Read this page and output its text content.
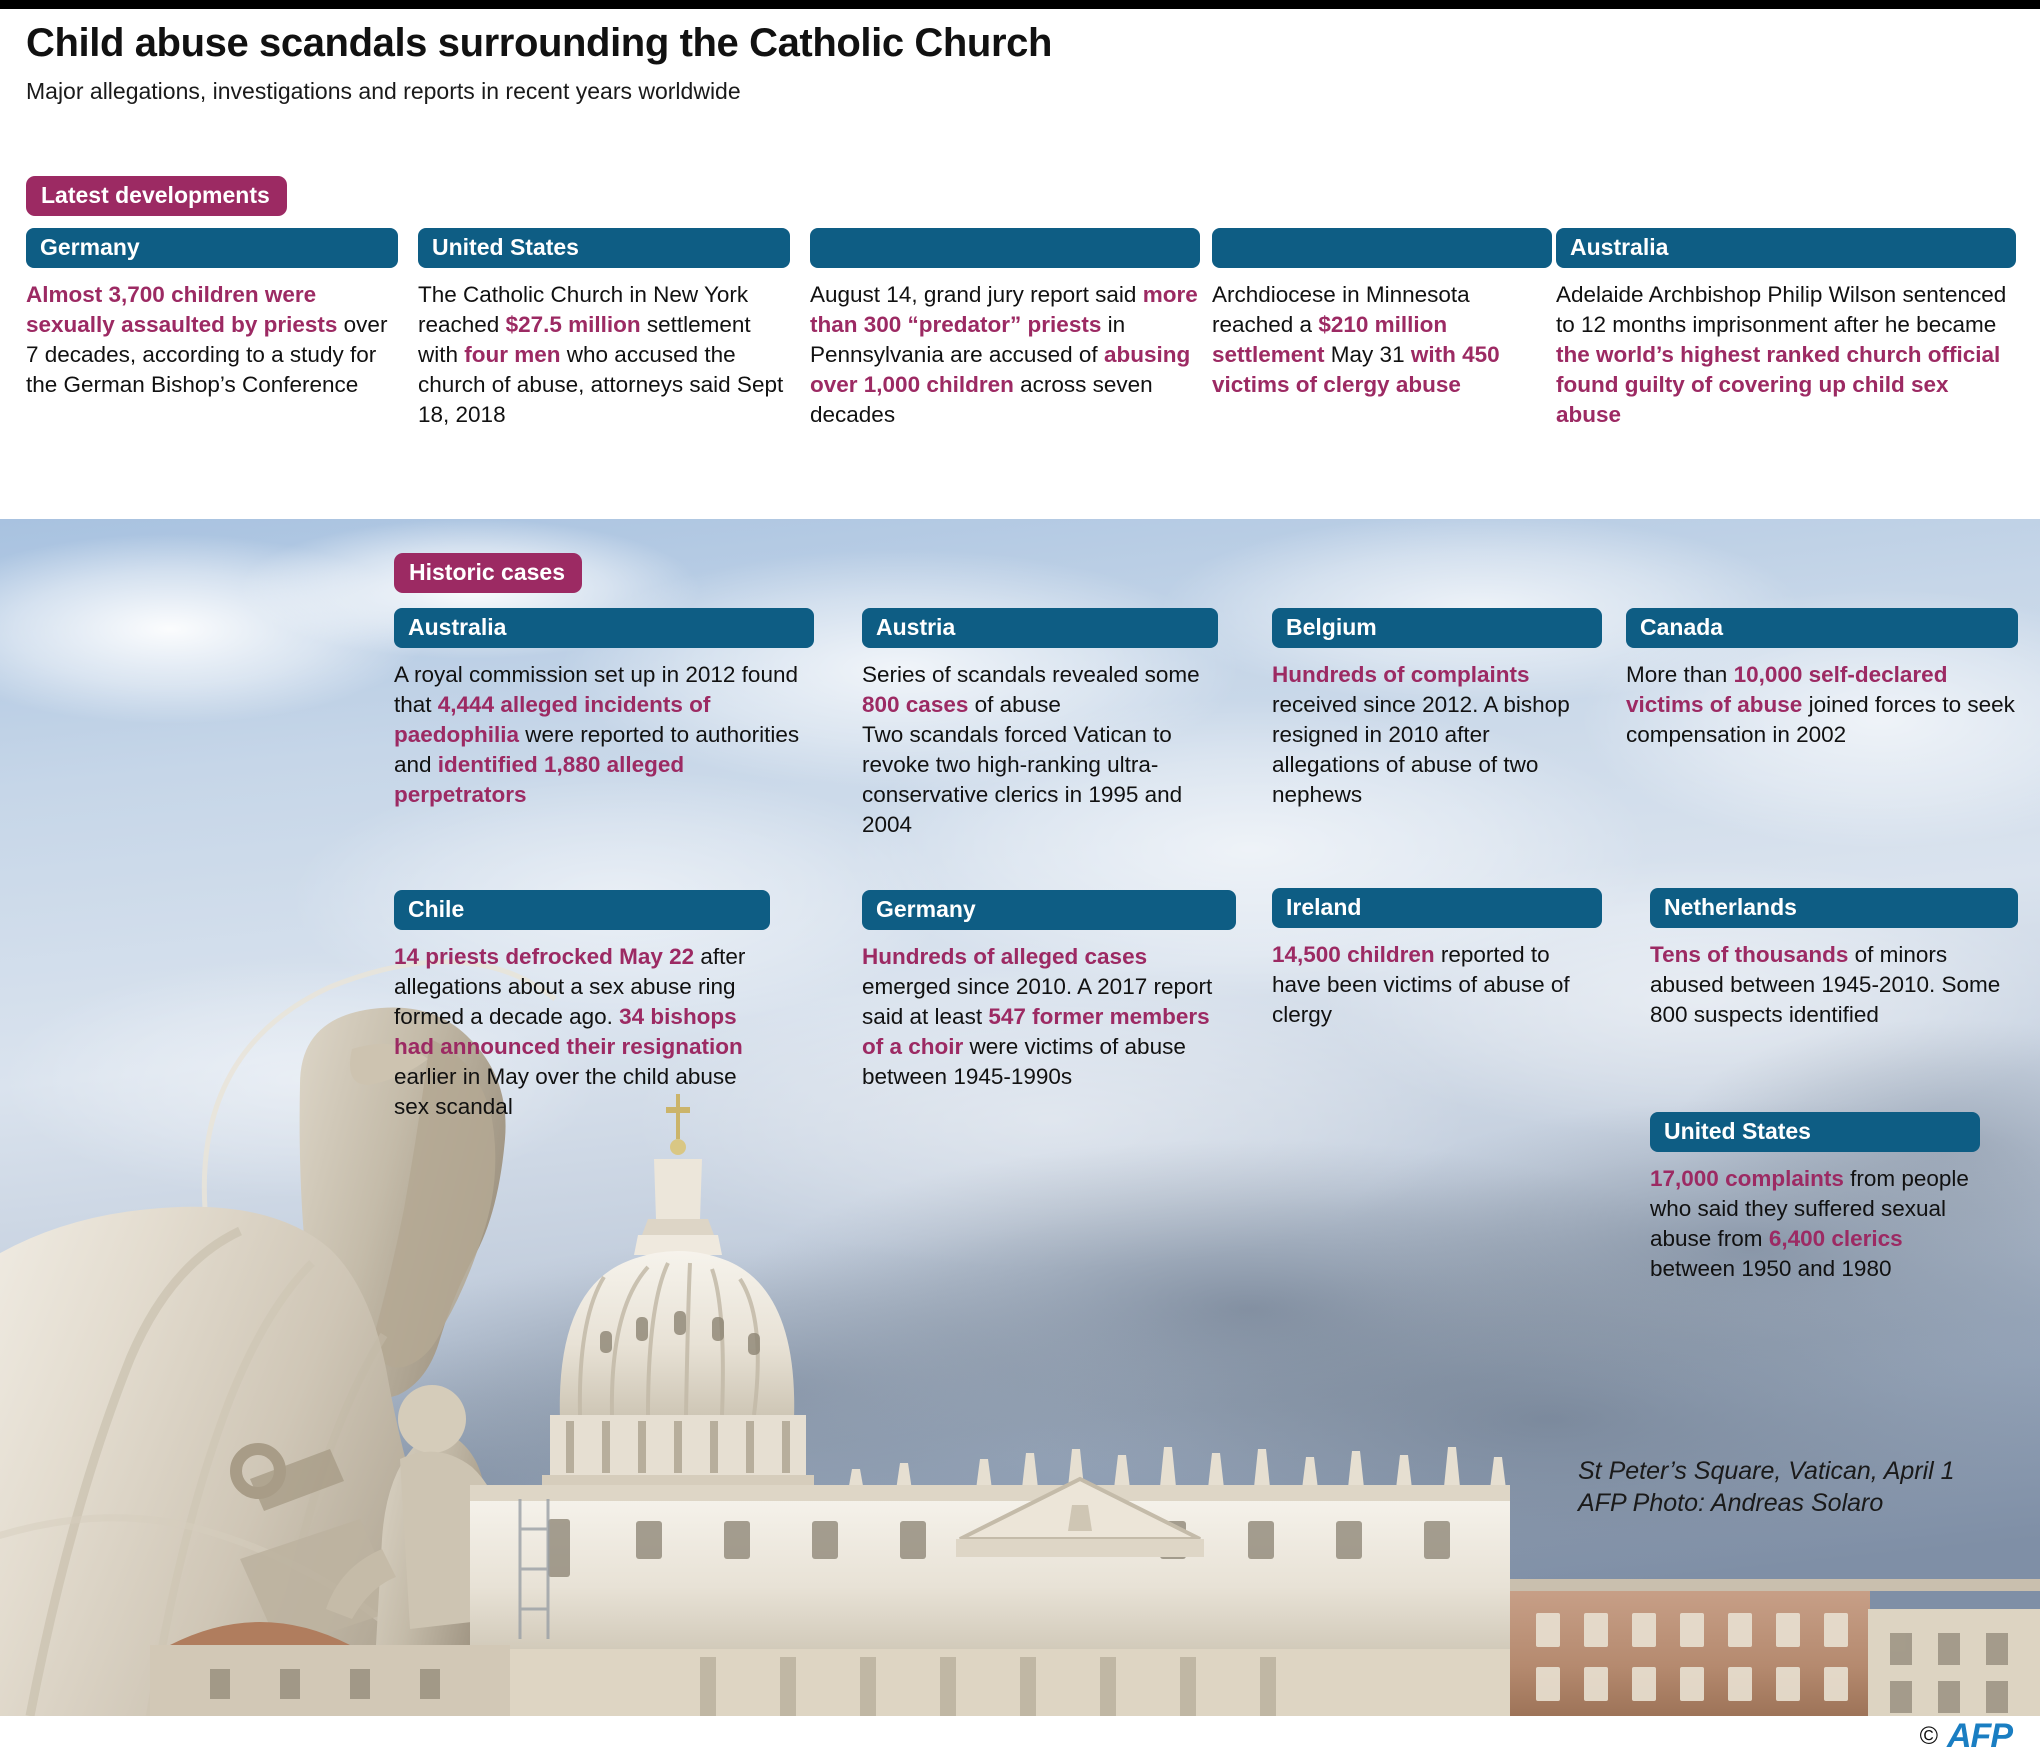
Child abuse scandals surrounding the Catholic Church
Major allegations, investigations and reports in recent years worldwide
Latest developments
Germany
Almost 3,700 children were sexually assaulted by priests over 7 decades, according to a study for the German Bishop’s Conference
United States
The Catholic Church in New York reached $27.5 million settlement with four men who accused the church of abuse, attorneys said Sept 18, 2018

August 14, grand jury report said more than 300 “predator” priests in Pennsylvania are accused of abusing over 1,000 children across seven decades

Archdiocese in Minnesota reached a $210 million settlement May 31 with 450 victims of clergy abuse
Australia
Adelaide Archbishop Philip Wilson sentenced to 12 months imprisonment after he became the world’s highest ranked church official found guilty of covering up child sex abuse
Historic cases
Australia
A royal commission set up in 2012 found that 4,444 alleged incidents of paedophilia were reported to authorities and identified 1,880 alleged perpetrators
Austria
Series of scandals revealed some 800 cases of abuse

Two scandals forced Vatican to revoke two high-ranking ultra-conservative clerics in 1995 and 2004

Belgium
Hundreds of complaints received since 2012. A bishop resigned in 2010 after allegations of abuse of two nephews
Canada
More than 10,000 self-declared victims of abuse joined forces to seek compensation in 2002
Chile
14 priests defrocked May 22 after allegations about a sex abuse ring formed a decade ago. 34 bishops had announced their resignation earlier in May over the child abuse sex scandal
Germany
Hundreds of alleged cases emerged since 2010. A 2017 report said at least 547 former members of a choir were victims of abuse between 1945-1990s
Ireland
14,500 children reported to have been victims of abuse of clergy
Netherlands
Tens of thousands of minors abused between 1945-2010. Some 800 suspects identified
United States
17,000 complaints from people who said they suffered sexual abuse from 6,400 clerics between 1950 and 1980
St Peter’s Square, Vatican, April 1
AFP Photo: Andreas Solaro
© AFP
